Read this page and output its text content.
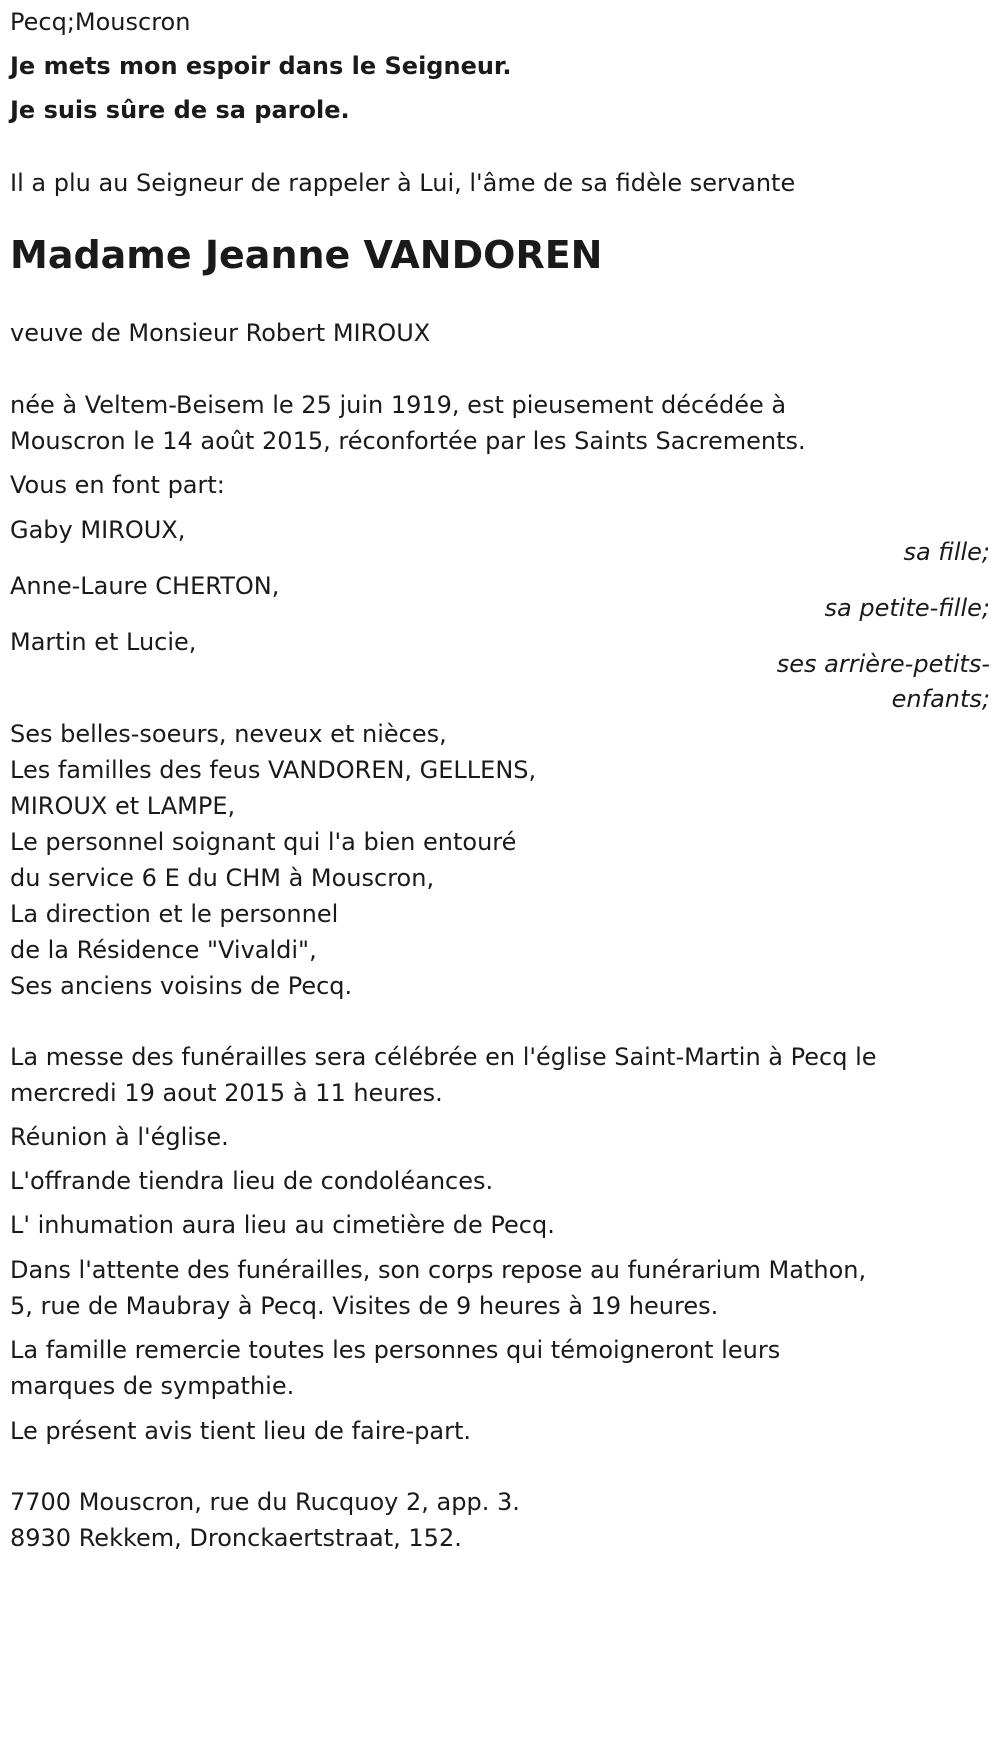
Pecq;Mouscron
Je mets mon espoir dans le Seigneur.
Je suis sûre de sa parole.
Il a plu au Seigneur de rappeler à Lui, l'âme de sa fidèle servante
Madame Jeanne VANDOREN
veuve de Monsieur Robert MIROUX
née à Veltem-Beisem le 25 juin 1919, est pieusement décédée à
Mouscron le 14 août 2015, réconfortée par les Saints Sacrements.
Vous en font part:
Gaby MIROUX,
sa fille;
Anne-Laure CHERTON,
sa petite-fille;
Martin et Lucie,
ses arrière-petits-
enfants;
Ses belles-soeurs, neveux et nièces,
Les familles des feus VANDOREN, GELLENS,
MIROUX et LAMPE,
Le personnel soignant qui l'a bien entouré
du service 6 E du CHM à Mouscron,
La direction et le personnel
de la Résidence "Vivaldi",
Ses anciens voisins de Pecq.
La messe des funérailles sera célébrée en l'église Saint-Martin à Pecq le
mercredi 19 aout 2015 à 11 heures.
Réunion à l'église.
L'offrande tiendra lieu de condoléances.
L' inhumation aura lieu au cimetière de Pecq.
Dans l'attente des funérailles, son corps repose au funérarium Mathon,
5, rue de Maubray à Pecq. Visites de 9 heures à 19 heures.
La famille remercie toutes les personnes qui témoigneront leurs
marques de sympathie.
Le présent avis tient lieu de faire-part.
7700 Mouscron, rue du Rucquoy 2, app. 3.
8930 Rekkem, Dronckaertstraat, 152.
